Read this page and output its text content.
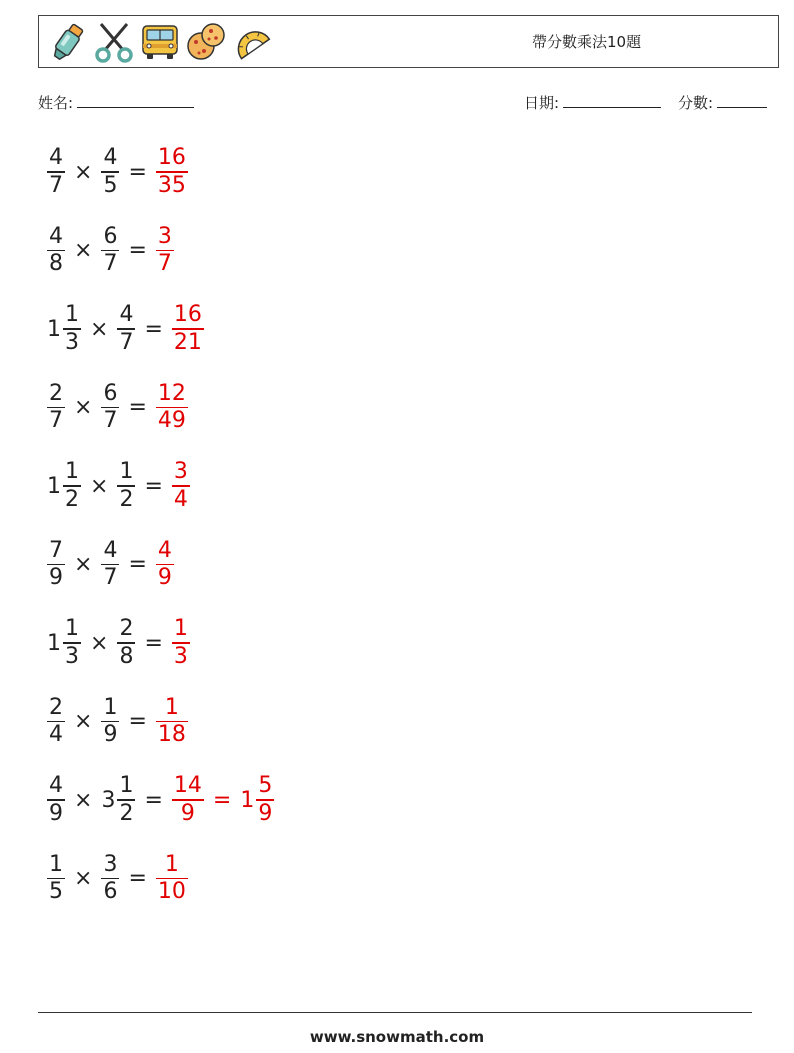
帶分數乘法10題
姓名:	日期:	分數:
$\frac{4}{7} \times \frac{4}{5} = \frac{16}{35}$
$\frac{4}{8} \times \frac{6}{7} = \frac{3}{7}$
$1 \frac{1}{3} \times \frac{4}{7} = \frac{16}{21}$
$\frac{2}{7} \times \frac{6}{7} = \frac{12}{49}$
$1 \frac{1}{2} \times \frac{1}{2} = \frac{3}{4}$
$\frac{7}{9} \times \frac{4}{7} = \frac{4}{9}$
$1 \frac{1}{3} \times \frac{2}{8} = \frac{1}{3}$
$\frac{2}{4} \times \frac{1}{9} = \frac{1}{18}$
$\frac{4}{9} \times 3 \frac{1}{2} = \frac{14}{9} = 1 \frac{5}{9}$
$\frac{1}{5} \times \frac{3}{6} = \frac{1}{10}$
www.snowmath.com
